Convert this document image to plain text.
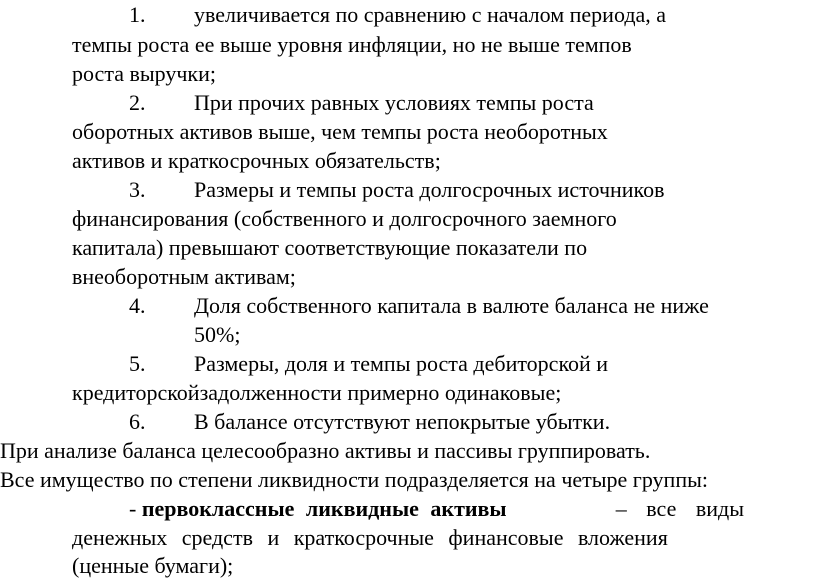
1. увеличивается по сравнению с началом периода, а
темпы роста ее выше уровня инфляции, но не выше темпов
роста выручки;
2. При прочих равных условиях темпы роста
оборотных активов выше, чем темпы роста необоротных
активов и краткосрочных обязательств;
3. Размеры и темпы роста долгосрочных источников
финансирования (собственного и долгосрочного заемного
капитала) превышают соответствующие показатели по
внеоборотным активам;
4. Доля собственного капитала в валюте баланса не ниже
50%;
5. Размеры, доля и темпы роста дебиторской и
кредиторскойзадолженности примерно одинаковые;
6. В балансе отсутствуют непокрытые убытки.
При анализе баланса целесообразно активы и пассивы группировать.
Все имущество по степени ликвидности подразделяется на четыре группы:
- первоклассные ликвидные активы	– все виды
денежных средств и краткосрочные финансовые вложения
(ценные бумаги);
